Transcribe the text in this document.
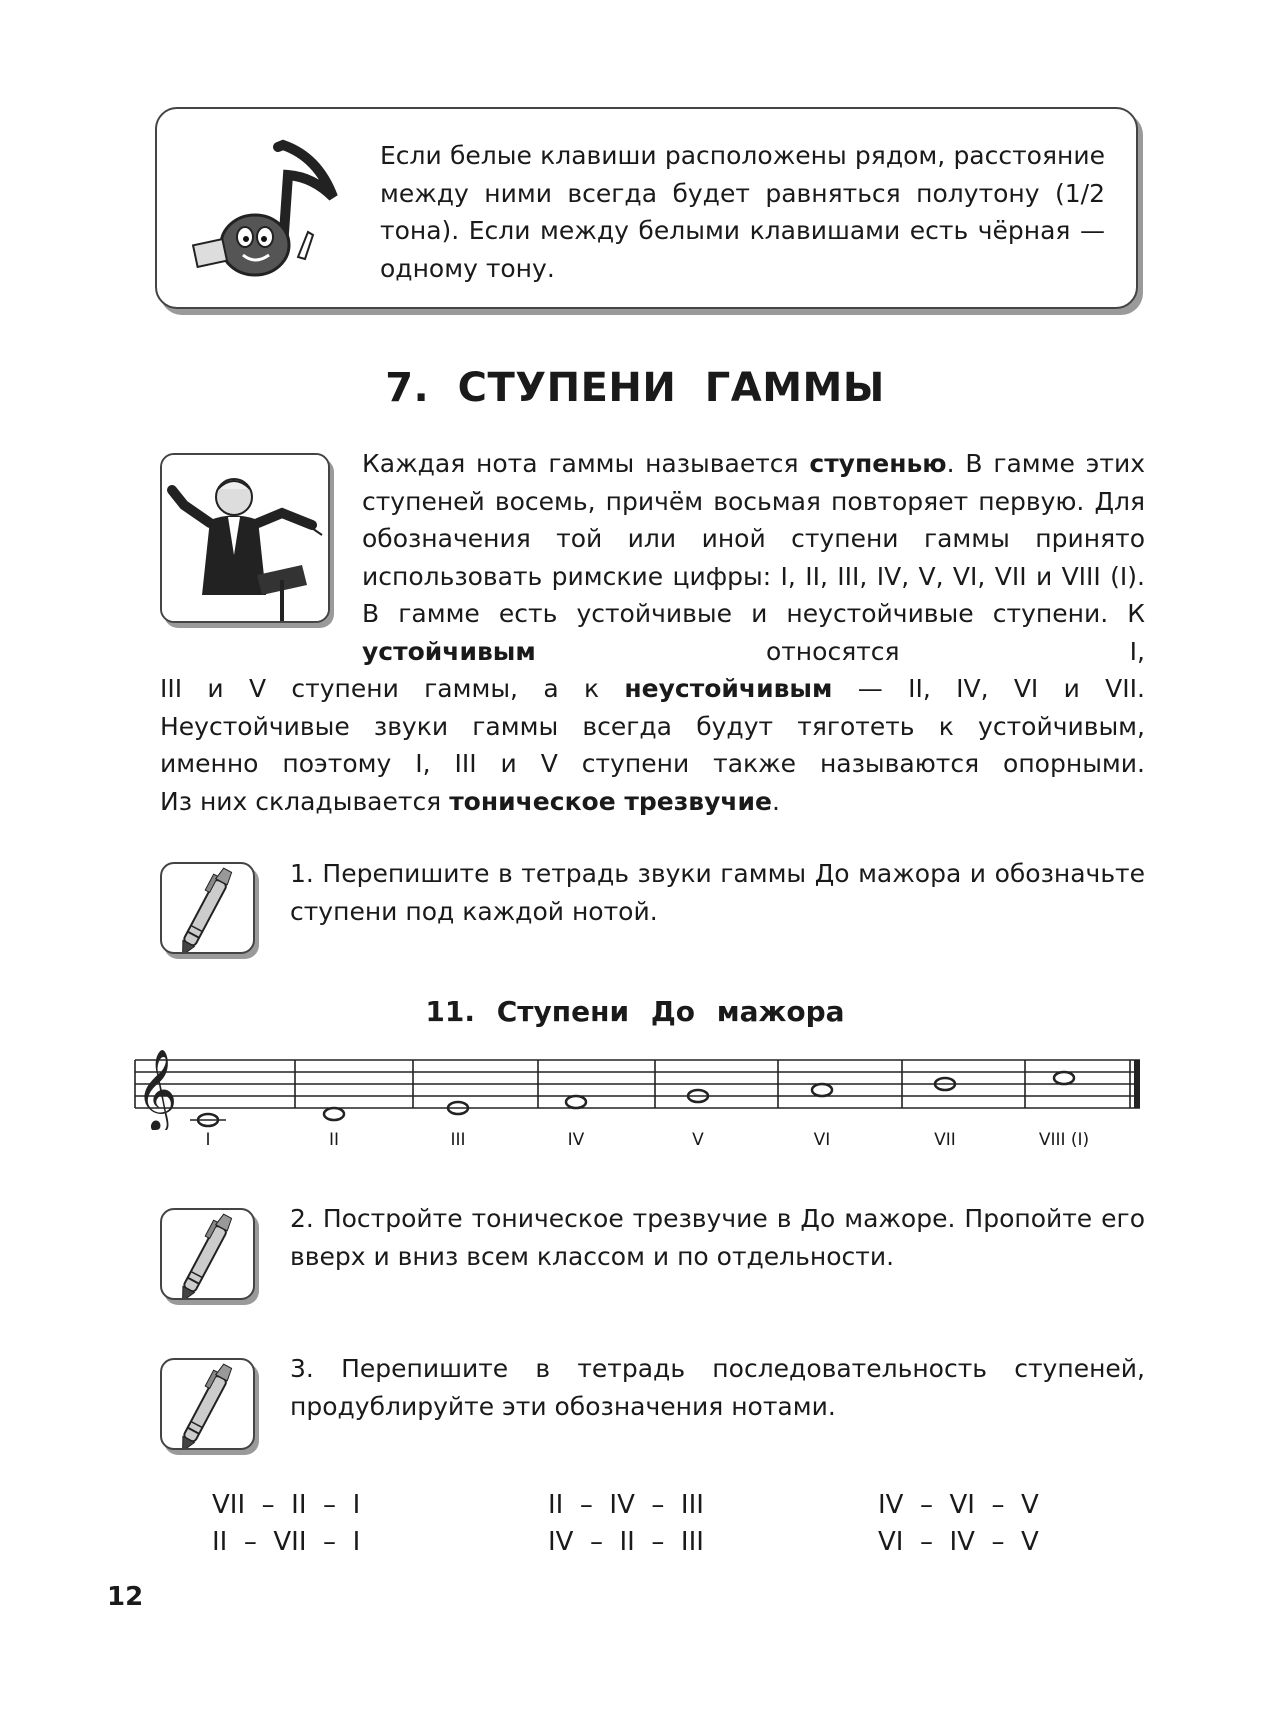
Если белые клавиши расположены рядом, расстояние между ними всегда будет равняться полутону (1/2 тона). Если между белыми клавишами есть чёрная — одному тону.
7. СТУПЕНИ ГАММЫ
Каждая нота гаммы называется ступенью. В гамме этих ступеней восемь, причём восьмая повторяет первую. Для обозначения той или иной ступени гаммы принято использовать римские цифры: I, II, III, IV, V, VI, VII и VIII (I). В гамме есть устойчивые и неустойчивые ступени. К устойчивым относятся I,
III и V ступени гаммы, а к неустойчивым — II, IV, VI и VII.
Неустойчивые звуки гаммы всегда будут тяготеть к устойчивым,
именно поэтому I, III и V ступени также называются опорными.
Из них складывается тоническое трезвучие.
1. Перепишите в тетрадь звуки гаммы До мажора и обозначьте ступени под каждой нотой.
2. Постройте тоническое трезвучие в До мажоре. Пропойте его вверх и вниз всем классом и по отдельности.
3. Перепишите в тетрадь последовательность ступеней, продублируйте эти обозначения нотами.
11. Ступени До мажора
𝄞
I	II	III	IV	V	VI	VII	VIII (I)
VII  –  II  –  I	II  –  IV  –  III	IV  –  VI  –  V
II  –  VII  –  I	IV  –  II  –  III	VI  –  IV  –  V
12
